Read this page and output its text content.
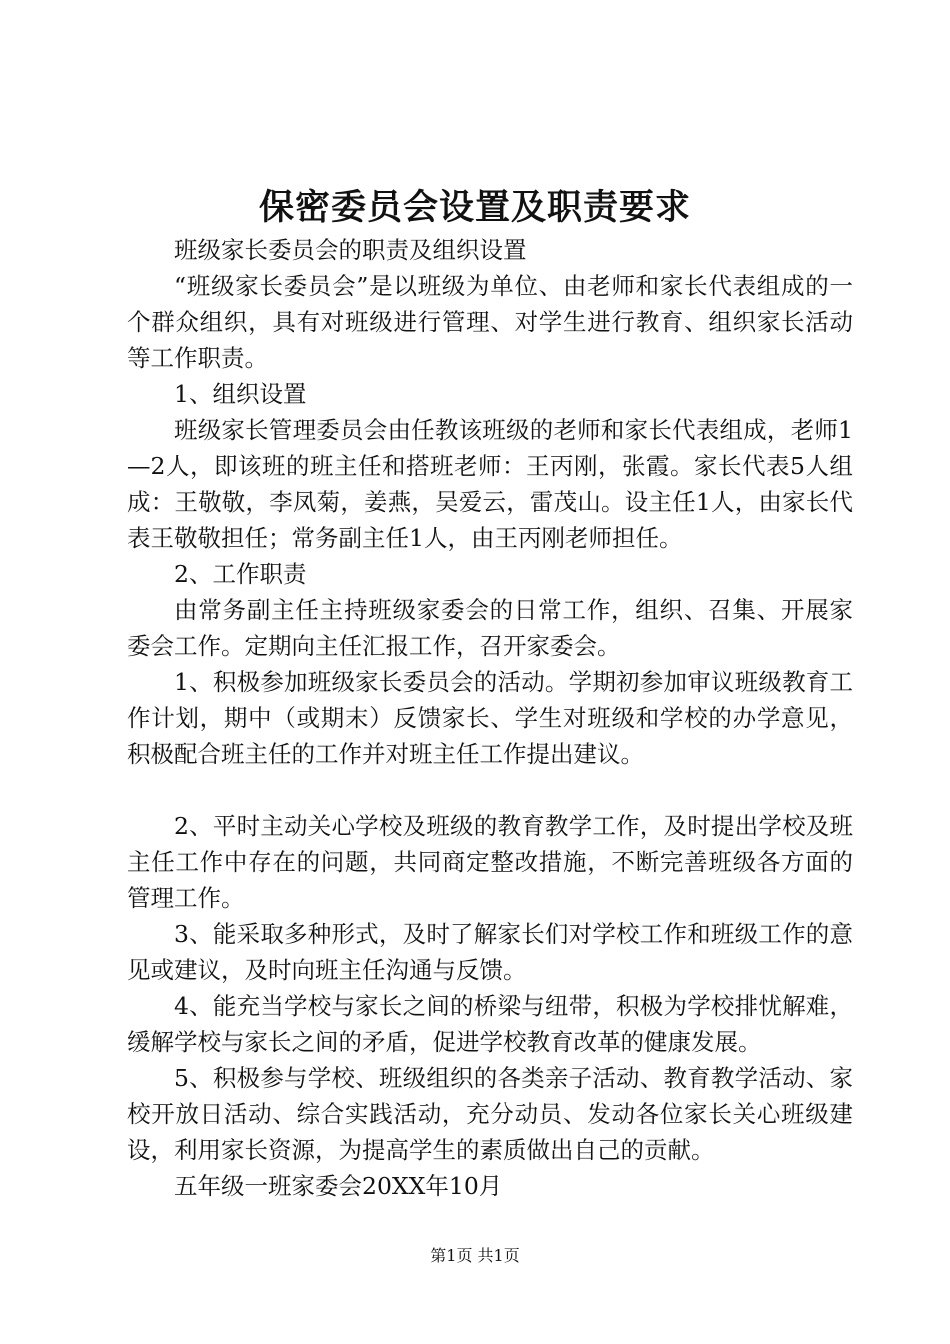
保密委员会设置及职责要求

班级家长委员会的职责及组织设置

“班级家长委员会”是以班级为单位、由老师和家长代表组成的一个群众组织，具有对班级进行管理、对学生进行教育、组织家长活动等工作职责。

1、组织设置

班级家长管理委员会由任教该班级的老师和家长代表组成，老师1—2人，即该班的班主任和搭班老师：王丙刚，张霞。家长代表5人组成：王敬敬，李凤菊，姜燕，吴爱云，雷茂山。设主任1人，由家长代表王敬敬担任；常务副主任1人，由王丙刚老师担任。

2、工作职责

由常务副主任主持班级家委会的日常工作，组织、召集、开展家委会工作。定期向主任汇报工作，召开家委会。

1、积极参加班级家长委员会的活动。学期初参加审议班级教育工作计划，期中（或期末）反馈家长、学生对班级和学校的办学意见，积极配合班主任的工作并对班主任工作提出建议。

2、平时主动关心学校及班级的教育教学工作，及时提出学校及班主任工作中存在的问题，共同商定整改措施，不断完善班级各方面的管理工作。

3、能采取多种形式，及时了解家长们对学校工作和班级工作的意见或建议，及时向班主任沟通与反馈。

4、能充当学校与家长之间的桥梁与纽带，积极为学校排忧解难，缓解学校与家长之间的矛盾，促进学校教育改革的健康发展。

5、积极参与学校、班级组织的各类亲子活动、教育教学活动、家校开放日活动、综合实践活动，充分动员、发动各位家长关心班级建设，利用家长资源，为提高学生的素质做出自己的贡献。

五年级一班家委会20XX年10月

第1页 共1页
